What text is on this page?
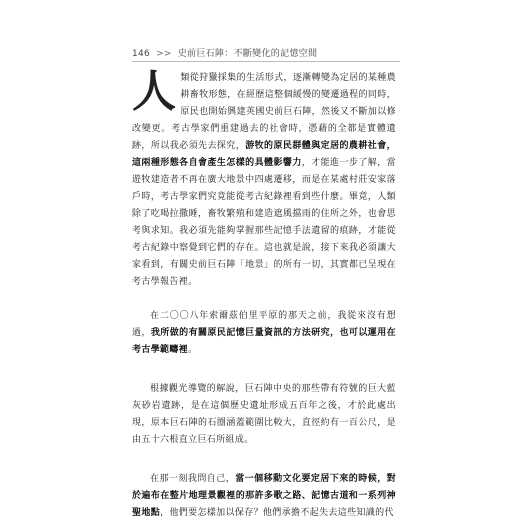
146 >> 史前巨石陣：不斷變化的記憶空間

人類從狩獵採集的生活形式，逐漸轉變為定居的某種農耕畜牧形態，在經歷這整個緩慢的變遷過程的同時，原民也開始興建英國史前巨石陣，然後又不斷加以修改變更。考古學家們重建過去的社會時，憑藉的全都是實體遺跡，所以我必須先去探究，游牧的原民群體與定居的農耕社會，這兩種形態各自會產生怎樣的具體影響力，才能進一步了解，當遊牧建造者不再在廣大地景中四處遷移，而是在某處村莊安家落戶時，考古學家們究竟能從考古紀錄裡看到些什麼。畢竟，人類除了吃喝拉撒睡，畜牧繁殖和建造遮風擋雨的住所之外，也會思考與求知。我必須先能夠掌握那些記憶手法遺留的痕跡，才能從考古紀錄中察覺到它們的存在。這也就是說，接下來我必須讓大家看到，有關史前巨石陣「地景」的所有一切，其實都已呈現在考古學報告裡。

在二〇〇八年索爾茲伯里平原的那天之前，我從來沒有想過，我所做的有關原民記憶巨量資訊的方法研究，也可以運用在考古學範疇裡。

根據觀光導覽的解說，巨石陣中央的那些帶有符號的巨大藍灰砂岩遺跡，是在這個歷史遺址形成五百年之後，才於此處出現，原本巨石陣的石圈涵蓋範圍比較大，直徑約有一百公尺，是由五十六根直立巨石所組成。

在那一刻我問自己，當一個移動文化要定居下來的時候，對於遍布在整片地理景觀裡的那許多歌之路、記憶古道和一系列神聖地點，他們要怎樣加以保存？他們承擔不起失去這些知識的代
